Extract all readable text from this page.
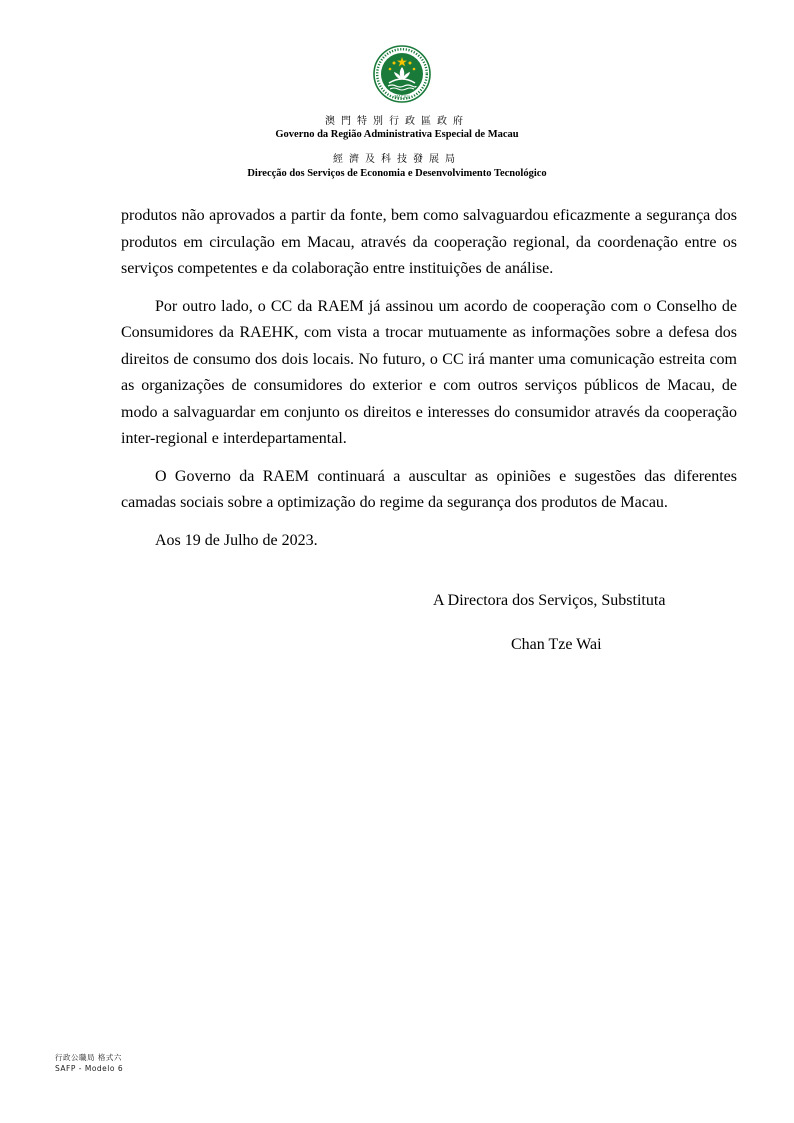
MACAU
澳門特別行政區政府
Governo da Região Administrativa Especial de Macau
經濟及科技發展局
Direcção dos Serviços de Economia e Desenvolvimento Tecnológico

produtos não aprovados a partir da fonte, bem como salvaguardou eficazmente a segurança dos produtos em circulação em Macau, através da cooperação regional, da coordenação entre os serviços competentes e da colaboração entre instituições de análise.

Por outro lado, o CC da RAEM já assinou um acordo de cooperação com o Conselho de Consumidores da RAEHK, com vista a trocar mutuamente as informações sobre a defesa dos direitos de consumo dos dois locais. No futuro, o CC irá manter uma comunicação estreita com as organizações de consumidores do exterior e com outros serviços públicos de Macau, de modo a salvaguardar em conjunto os direitos e interesses do consumidor através da cooperação inter-regional e interdepartamental.

O Governo da RAEM continuará a auscultar as opiniões e sugestões das diferentes camadas sociais sobre a optimização do regime da segurança dos produtos de Macau.

Aos 19 de Julho de 2023.

A Directora dos Serviços, Substituta
Chan Tze Wai
行政公職局 格式六
SAFP - Modelo 6
